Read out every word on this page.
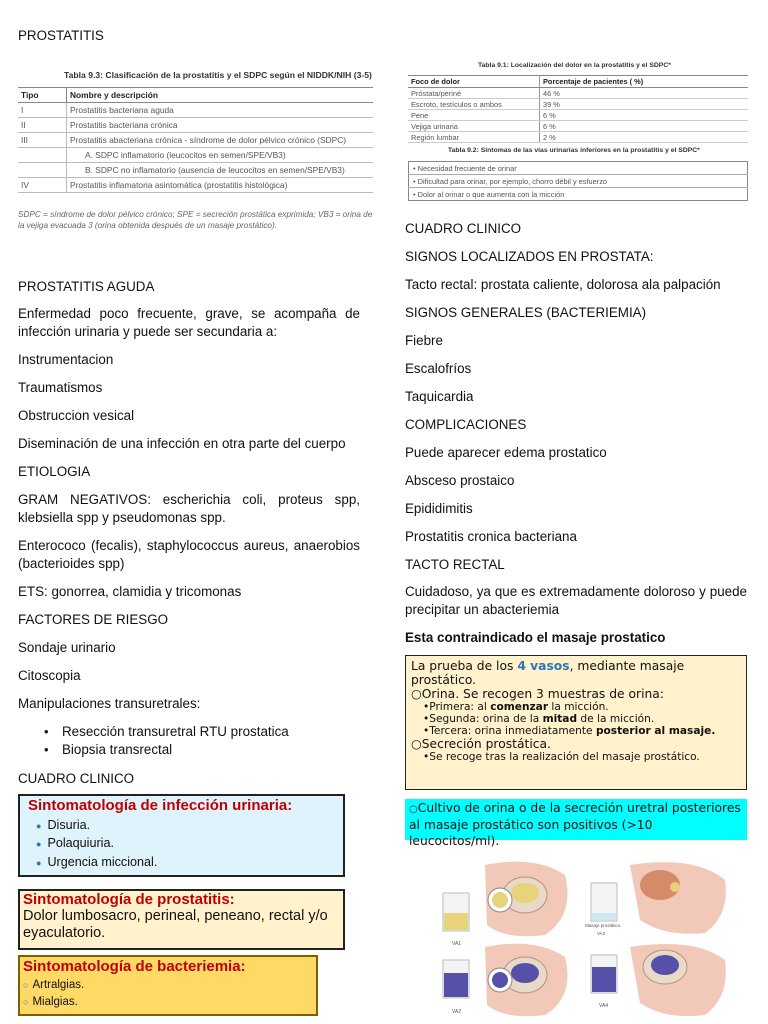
PROSTATITIS
Tabla 9.3: Clasificación de la prostatitis y el SDPC según el NIDDK/NIH (3-5)
Tipo	Nombre y descripción
I	Prostatitis bacteriana aguda
II	Prostatitis bacteriana crónica
III	Prostatitis abacteriana crónica - síndrome de dolor pélvico crónico (SDPC)
	A. SDPC inflamatorio (leucocitos en semen/SPE/VB3)
	B. SDPC no inflamatorio (ausencia de leucocitos en semen/SPE/VB3)
IV	Prostatitis inflamatoria asintomática (prostatitis histológica)
SDPC = síndrome de dolor pélvico crónico; SPE = secreción prostática exprimida; VB3 = orina de la vejiga evacuada 3 (orina obtenida después de un masaje prostático).
Tabla 9.1: Localización del dolor en la prostatitis y el SDPC*
Foco de dolor	Porcentaje de pacientes ( %)
Próstata/periné	46 %
Escroto, testículos o ambos	39 %
Pene	6 %
Vejiga urinaria	6 %
Región lumbar	2 %
Tabla 9.2: Síntomas de las vías urinarias inferiores en la prostatitis y el SDPC*
• Necesidad frecuente de orinar
• Dificultad para orinar, por ejemplo, chorro débil y esfuerzo
• Dolor al orinar o que aumenta con la micción
PROSTATITIS AGUDA
Enfermedad poco frecuente, grave, se acompaña de infección urinaria y puede ser secundaria a:
Instrumentacion
Traumatismos
Obstruccion vesical
Diseminación de una infección en otra parte del cuerpo
ETIOLOGIA
GRAM NEGATIVOS: escherichia coli, proteus spp, klebsiella spp y pseudomonas spp.
Enterococo (fecalis), staphylococcus aureus, anaerobios (bacterioides spp)
ETS: gonorrea, clamidia y tricomonas
FACTORES DE RIESGO
Sondaje urinario
Citoscopia
Manipulaciones transuretrales:
• Resección transuretral RTU prostatica
• Biopsia transrectal
CUADRO CLINICO
Sintomatología de infección urinaria:
● Disuria.
● Polaquiuria.
● Urgencia miccional.
Sintomatología de prostatitis:
Dolor lumbosacro, perineal, peneano, rectal y/o eyaculatorio.
Sintomatología de bacteriemia:
○ Artralgias.
○ Mialgias.
CUADRO CLINICO
SIGNOS LOCALIZADOS EN PROSTATA:
Tacto rectal: prostata caliente, dolorosa ala palpación
SIGNOS GENERALES (BACTERIEMIA)
Fiebre
Escalofríos
Taquicardia
COMPLICACIONES
Puede aparecer edema prostatico
Absceso prostaico
Epididimitis
Prostatitis cronica bacteriana
TACTO RECTAL
Cuidadoso, ya que es extremadamente doloroso y puede precipitar un abacteriemia
Esta contraindicado el masaje prostatico
La prueba de los 4 vasos, mediante masaje prostático.
○Orina. Se recogen 3 muestras de orina:
•Primera: al comenzar la micción.
•Segunda: orina de la mitad de la micción.
•Tercera: orina inmediatamente posterior al masaje.
○Secreción prostática.
•Se recoge tras la realización del masaje prostático.
○Cultivo de orina o de la secreción uretral posteriores al masaje prostático son positivos (>10 leucocitos/ml).
VA1
Masaje prostático
VA3
VA2
VA4
